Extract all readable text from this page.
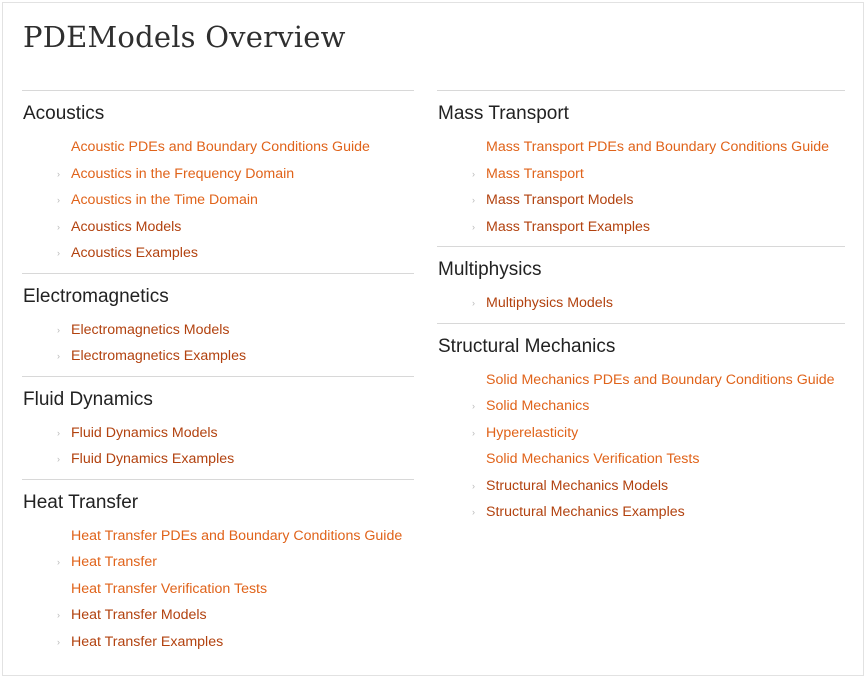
PDEModels Overview
Acoustics
Acoustic PDEs and Boundary Conditions Guide
› Acoustics in the Frequency Domain
› Acoustics in the Time Domain
› Acoustics Models
› Acoustics Examples
Electromagnetics
› Electromagnetics Models
› Electromagnetics Examples
Fluid Dynamics
› Fluid Dynamics Models
› Fluid Dynamics Examples
Heat Transfer
Heat Transfer PDEs and Boundary Conditions Guide
› Heat Transfer
Heat Transfer Verification Tests
› Heat Transfer Models
› Heat Transfer Examples
Mass Transport
Mass Transport PDEs and Boundary Conditions Guide
› Mass Transport
› Mass Transport Models
› Mass Transport Examples
Multiphysics
› Multiphysics Models
Structural Mechanics
Solid Mechanics PDEs and Boundary Conditions Guide
› Solid Mechanics
› Hyperelasticity
Solid Mechanics Verification Tests
› Structural Mechanics Models
› Structural Mechanics Examples
